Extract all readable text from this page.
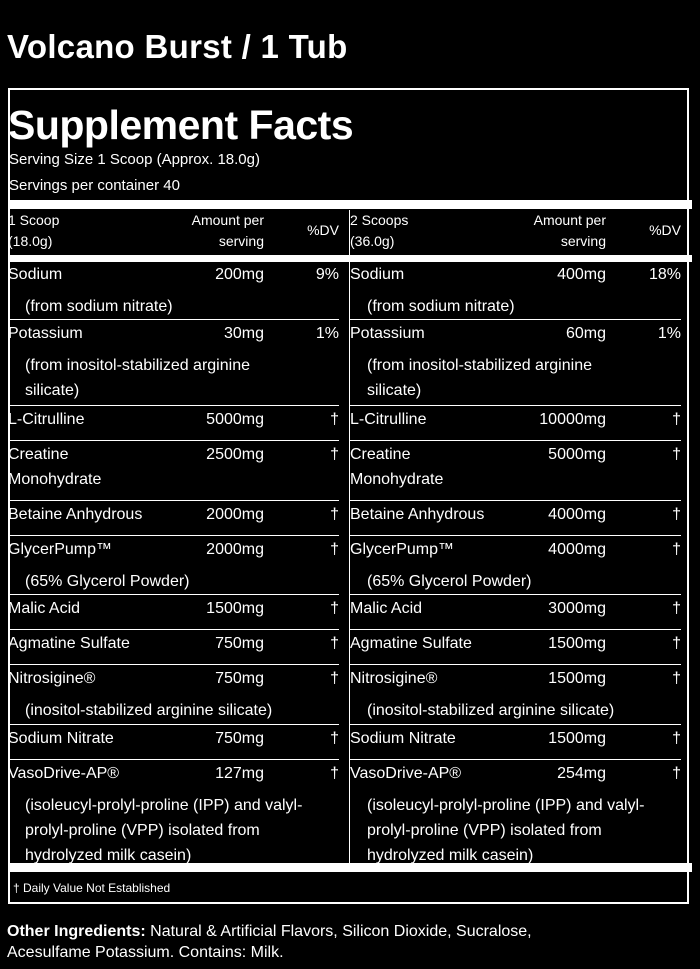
Volcano Burst / 1 Tub
Supplement Facts
Serving Size 1 Scoop (Approx. 18.0g)
Servings per container 40
1 Scoop
(18.0g)
Amount per
serving
%DV
Sodium	200mg	9%
(from sodium nitrate)
Potassium	30mg	1%
(from inositol-stabilized arginine
silicate)
L-Citrulline	5000mg	†
Creatine
Monohydrate
2500mg	†
Betaine Anhydrous	2000mg	†
GlycerPump™	2000mg	†
(65% Glycerol Powder)
Malic Acid	1500mg	†
Agmatine Sulfate	750mg	†
Nitrosigine®	750mg	†
(inositol-stabilized arginine silicate)
Sodium Nitrate	750mg	†
VasoDrive-AP®	127mg	†
(isoleucyl-prolyl-proline (IPP) and valyl-
prolyl-proline (VPP) isolated from
hydrolyzed milk casein)
2 Scoops
(36.0g)
Amount per
serving
%DV
Sodium	400mg	18%
(from sodium nitrate)
Potassium	60mg	1%
(from inositol-stabilized arginine
silicate)
L-Citrulline	10000mg	†
Creatine
Monohydrate
5000mg	†
Betaine Anhydrous	4000mg	†
GlycerPump™	4000mg	†
(65% Glycerol Powder)
Malic Acid	3000mg	†
Agmatine Sulfate	1500mg	†
Nitrosigine®	1500mg	†
(inositol-stabilized arginine silicate)
Sodium Nitrate	1500mg	†
VasoDrive-AP®	254mg	†
(isoleucyl-prolyl-proline (IPP) and valyl-
prolyl-proline (VPP) isolated from
hydrolyzed milk casein)
† Daily Value Not Established
Other Ingredients: Natural & Artificial Flavors, Silicon Dioxide, Sucralose,
Acesulfame Potassium. Contains: Milk.
